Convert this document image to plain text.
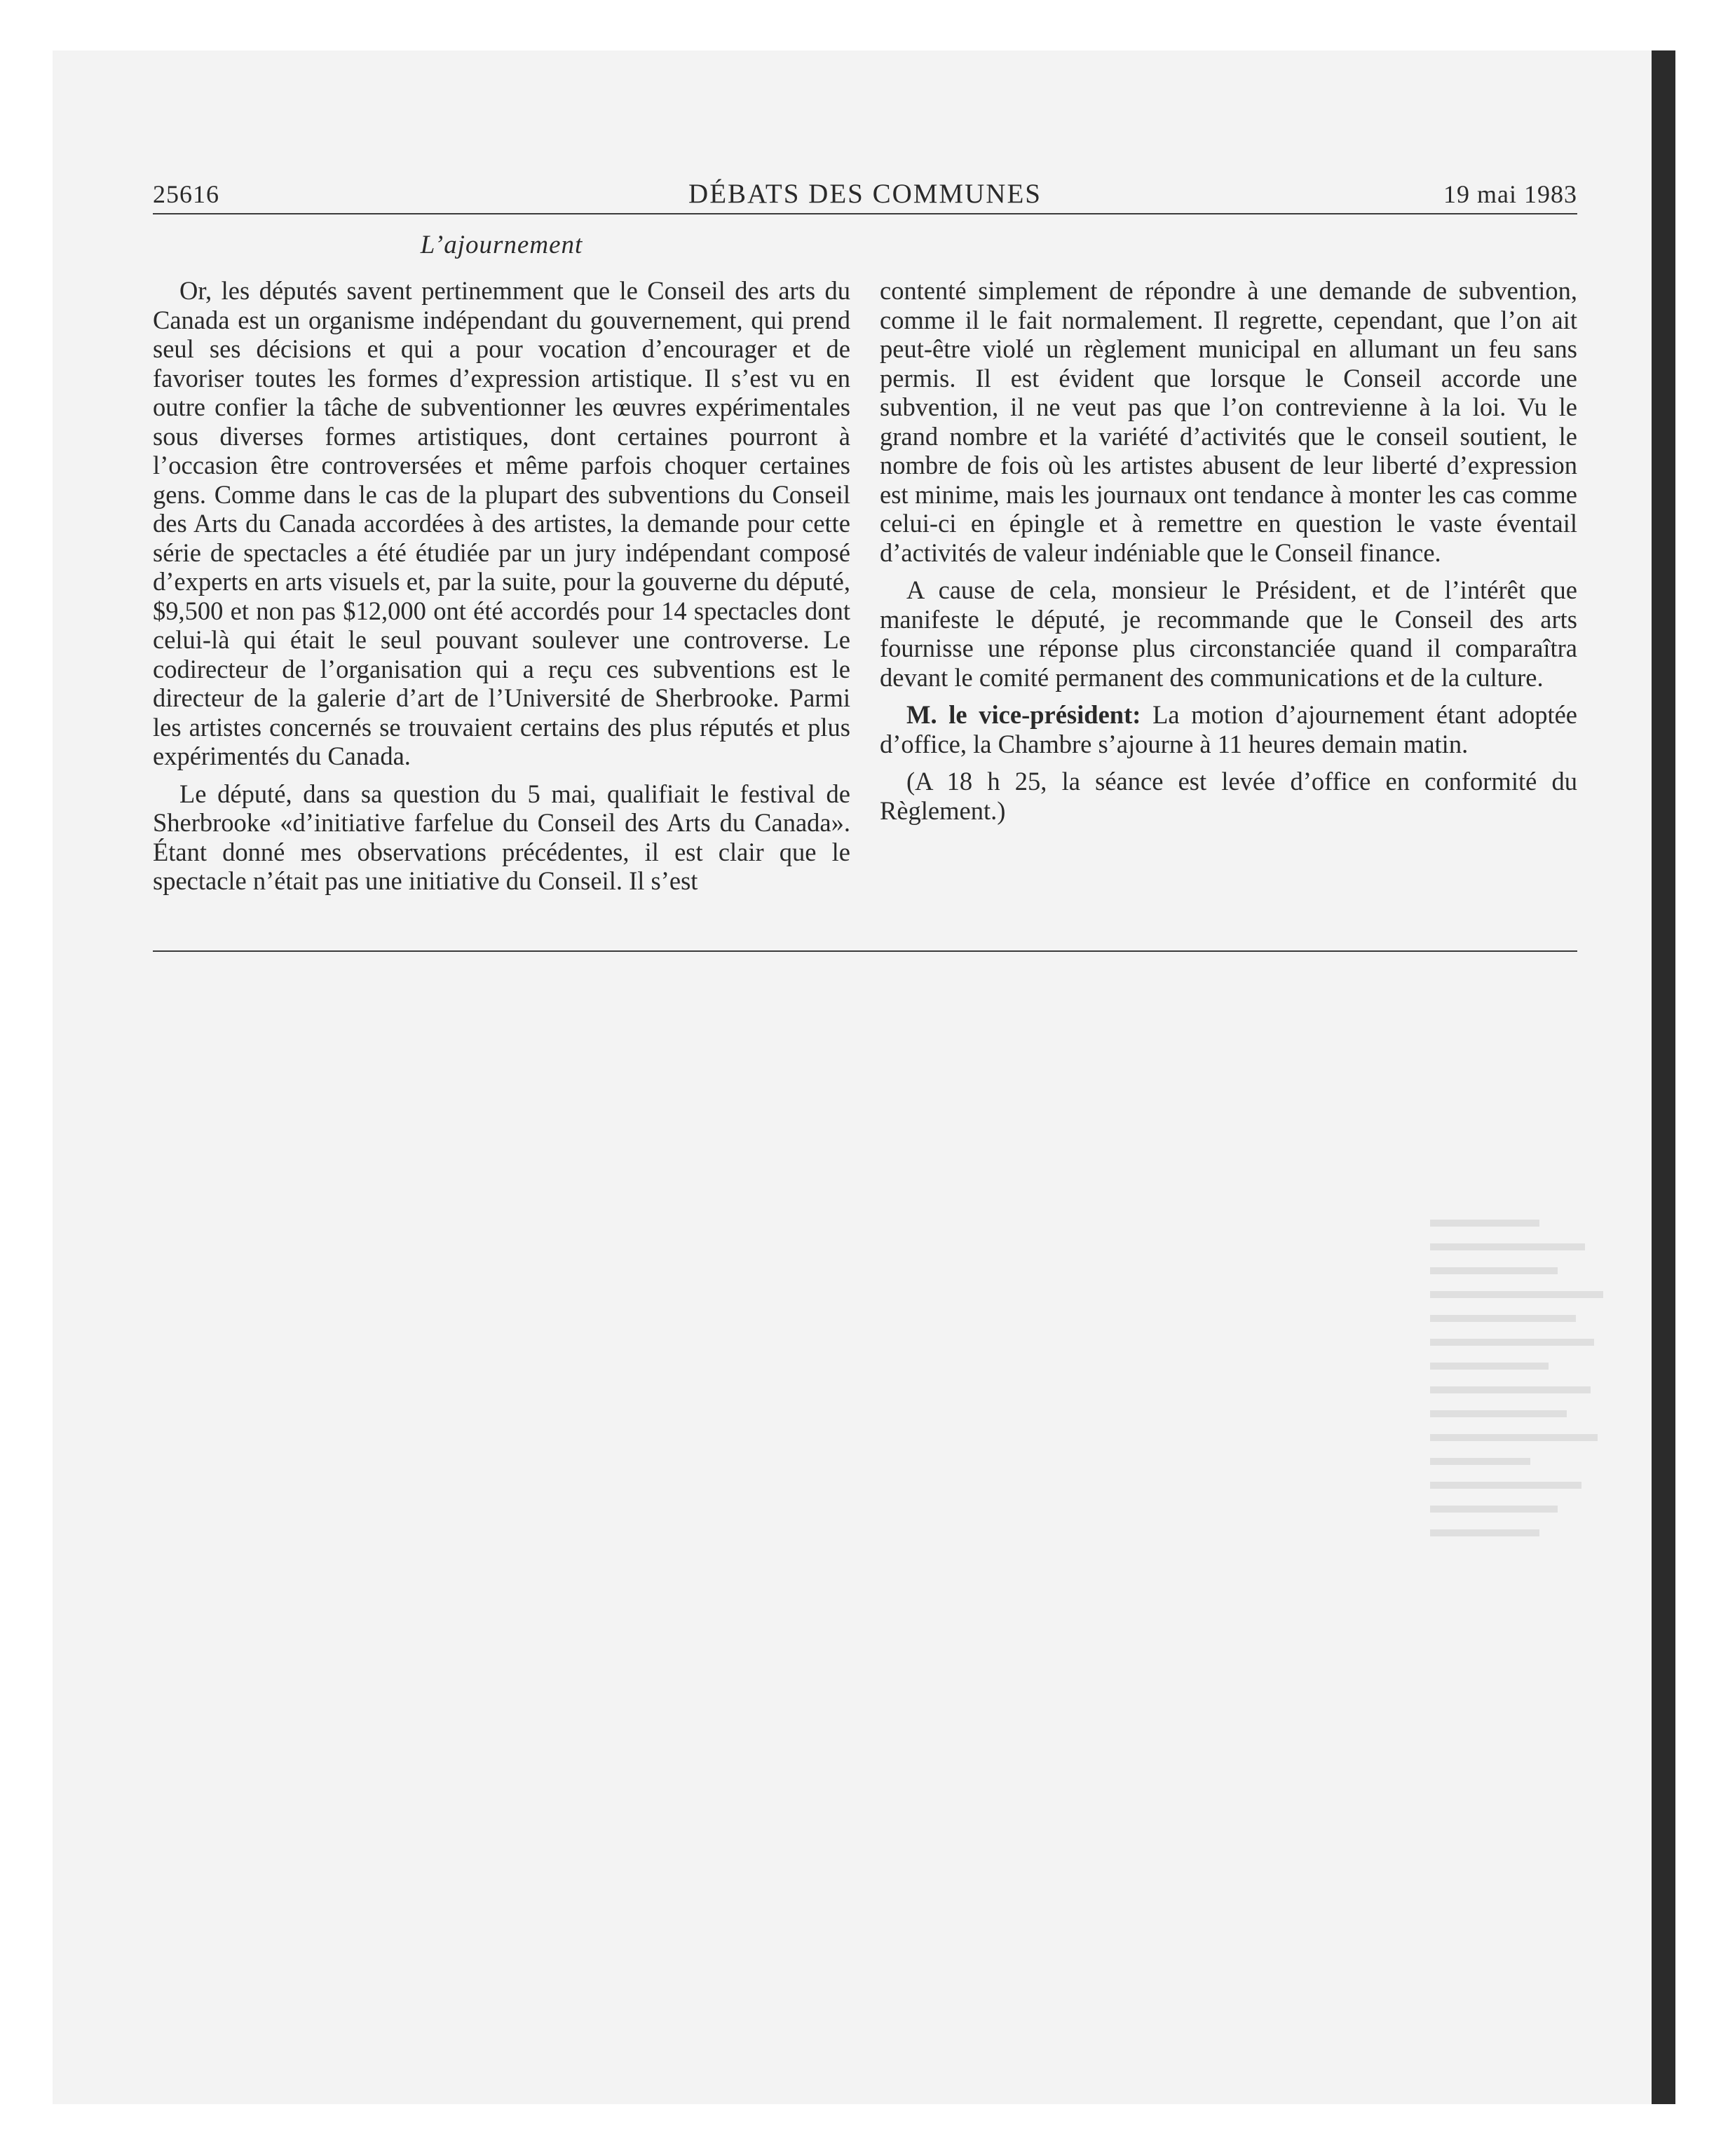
25616	DÉBATS DES COMMUNES	19 mai 1983
L’ajournement

Or, les députés savent pertinemment que le Conseil des arts du Canada est un organisme indépendant du gouvernement, qui prend seul ses décisions et qui a pour vocation d’encourager et de favoriser toutes les formes d’expression artistique. Il s’est vu en outre confier la tâche de subventionner les œuvres expérimentales sous diverses formes artistiques, dont certaines pourront à l’occasion être controversées et même parfois choquer certaines gens. Comme dans le cas de la plupart des subventions du Conseil des Arts du Canada accordées à des artistes, la demande pour cette série de spectacles a été étudiée par un jury indépendant composé d’experts en arts visuels et, par la suite, pour la gouverne du député, $9,500 et non pas $12,000 ont été accordés pour 14 spectacles dont celui-là qui était le seul pouvant soulever une controverse. Le codirecteur de l’organisation qui a reçu ces subventions est le directeur de la galerie d’art de l’Université de Sherbrooke. Parmi les artistes concernés se trouvaient certains des plus réputés et plus expérimentés du Canada.

Le député, dans sa question du 5 mai, qualifiait le festival de Sherbrooke «d’initiative farfelue du Conseil des Arts du Canada». Étant donné mes observations précédentes, il est clair que le spectacle n’était pas une initiative du Conseil. Il s’est

contenté simplement de répondre à une demande de subvention, comme il le fait normalement. Il regrette, cependant, que l’on ait peut-être violé un règlement municipal en allumant un feu sans permis. Il est évident que lorsque le Conseil accorde une subvention, il ne veut pas que l’on contrevienne à la loi. Vu le grand nombre et la variété d’activités que le conseil soutient, le nombre de fois où les artistes abusent de leur liberté d’expression est minime, mais les journaux ont tendance à monter les cas comme celui-ci en épingle et à remettre en question le vaste éventail d’activités de valeur indéniable que le Conseil finance.

A cause de cela, monsieur le Président, et de l’intérêt que manifeste le député, je recommande que le Conseil des arts fournisse une réponse plus circonstanciée quand il comparaîtra devant le comité permanent des communications et de la culture.

M. le vice-président: La motion d’ajournement étant adoptée d’office, la Chambre s’ajourne à 11 heures demain matin.

(A 18 h 25, la séance est levée d’office en conformité du Règlement.)
